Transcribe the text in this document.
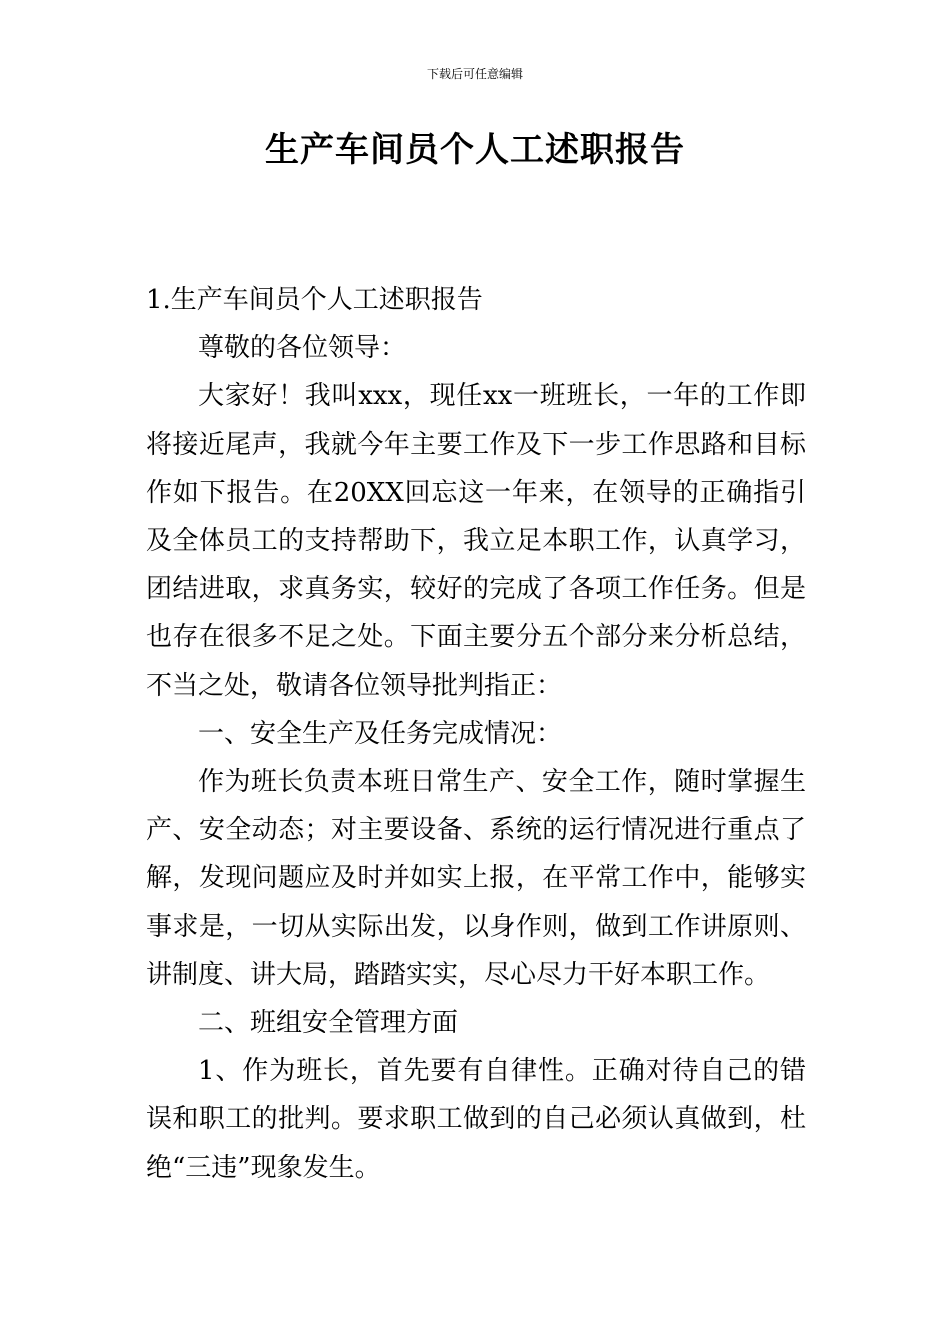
下载后可任意编辑
生产车间员个人工述职报告

1.生产车间员个人工述职报告

尊敬的各位领导：

大家好！我叫xxx，现任xx一班班长，一年的工作即将接近尾声，我就今年主要工作及下一步工作思路和目标作如下报告。在20XX回忘这一年来，在领导的正确指引及全体员工的支持帮助下，我立足本职工作，认真学习，团结进取，求真务实，较好的完成了各项工作任务。但是也存在很多不足之处。下面主要分五个部分来分析总结，不当之处，敬请各位领导批判指正：

一、安全生产及任务完成情况：

作为班长负责本班日常生产、安全工作，随时掌握生产、安全动态；对主要设备、系统的运行情况进行重点了解，发现问题应及时并如实上报，在平常工作中，能够实事求是，一切从实际出发，以身作则，做到工作讲原则、讲制度、讲大局，踏踏实实，尽心尽力干好本职工作。

二、班组安全管理方面

1、作为班长，首先要有自律性。正确对待自己的错误和职工的批判。要求职工做到的自己必须认真做到，杜绝“三违”现象发生。
